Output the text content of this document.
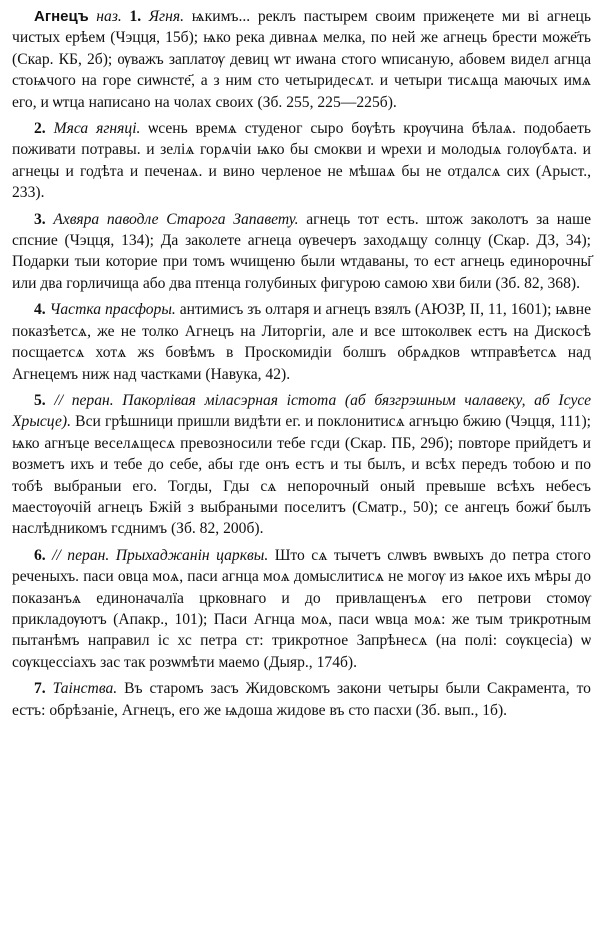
Агнецъ наз. 1. Ягня. ѩкимъ... реклъ пастырем своим прижеңете ми ві агнець чистых ерѣем (Чэцця, 15б); ѩко река дивнаѧ мелка, по ней же агнець брести може҃ть (Скар. КБ, 2б); ѹважъ заплатѹ девиц ѡт иѡана стого ѡписаную, абовем видел агнца стоѩчого на горе сиѡнсте҃, а з ним сто четыридесѧт. и четыри тисѧща маючых имѧ его, и ѡтца написано на чолах своих (Зб. 255, 225—225б).

2. Мяса ягняці. ѡсень времѧ студеног сыро бѹѣть крѹчина бѣлаѧ. подобаеть поживати потравы. и зеліѧ горѧчіи ѩко бы смокви и ѡрехи и молодыѧ голѹбѧта. и агнецы и годѣта и печенаѧ. и вино черленое не мѣшаѧ бы не отдалсѧ сих (Арыст., 233).

3. Ахвяра паводле Старога Запавету. агнець тот есть. штож заколотъ за наше спсние (Чэцця, 134); Да заколете агнеца ѹвечеръ заходѧщу солнцу (Скар. ДЗ, 34); Подарки тыи которие при томъ ѡчищеню были ѡтдаваны, то ест агнець единорочны҃ или два горличища або два птенца голубиных фигурою самою хви били (Зб. 82, 368).

4. Частка прасфоры. антимисъ зъ олтаря и агнецъ взялъ (АЮЗР, II, 11, 1601); ѩвне показѣетсѧ, же не толко Агнецъ на Литоргіи, але и все штоколвек естъ на Дискосѣ посщаетсѧ хотѧ жѕ бовѣмъ в Проскомидіи болшъ обрѧдков ѡтправѣетсѧ над Агнецемъ ниж над частками (Навука, 42).

5. // перан. Пакорлівая міласэрная істота (аб бязгрэшным чалавеку, аб Ісусе Хрысце). Вси грѣшници пришли видѣти ег. и поклонитисѧ агнъцю бжию (Чэцця, 111); ѩко агнъце веселѧщесѧ превозносили тебе гсди (Скар. ПБ, 29б); повторе прийдетъ и возметъ ихъ и тебе до себе, абы где онъ естъ и ты былъ, и всѣх передъ тобою и по тобѣ выбраныи его. Тогды, Гды сѧ непорочный оный превыше всѣхъ небесъ маестѹочій агнецъ Бжій з выбраными поселитъ (Сматр., 50); се ангецъ божи҃ былъ наслѣдникомъ гсднимъ (Зб. 82, 200б).

6. // перан. Прыхаджанін царквы. Што сѧ тычетъ слѡвъ вѡвыхъ до петра стого реченыхъ. паси овца моѧ, паси агнца моѧ домыслитисѧ не могѹ из ѩкое ихъ мѣры до показанъѧ единоначалїа црковнаго и до привлащенъѧ его петрови стомѹ прикладѹютъ (Апакр., 101); Паси Агнца моѧ, паси ѡвца моѧ: же тым трикротным пытанѣмъ направил іс хс петра ст: трикротное Запрѣнесѧ (на полі: сѹкцесіа) ѡ сѹкцессіахъ зас так розѡмѣти маемо (Дыяр., 174б).

7. Таінства. Въ старомъ засъ Жидовскомъ закони четыры были Сакрамента, то естъ: обрѣзаніе, Агнецъ, его же ѩдоша жидове въ сто пасхи (Зб. вып., 1б).
